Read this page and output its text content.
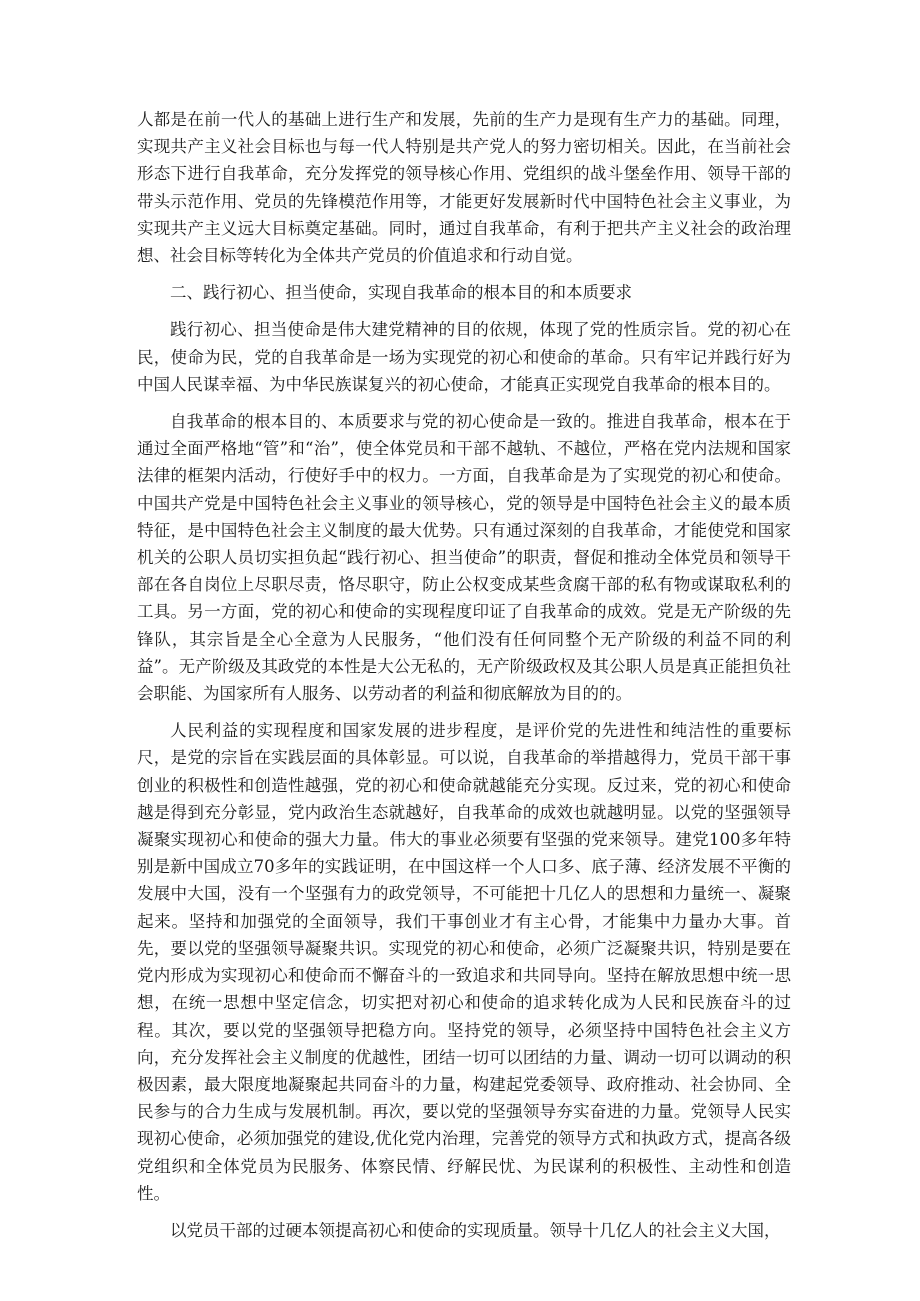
人都是在前一代人的基础上进行生产和发展，先前的生产力是现有生产力的基础。同理，实现共产主义社会目标也与每一代人特别是共产党人的努力密切相关。因此，在当前社会形态下进行自我革命，充分发挥党的领导核心作用、党组织的战斗堡垒作用、领导干部的带头示范作用、党员的先锋模范作用等，才能更好发展新时代中国特色社会主义事业，为实现共产主义远大目标奠定基础。同时，通过自我革命，有利于把共产主义社会的政治理想、社会目标等转化为全体共产党员的价值追求和行动自觉。

二、践行初心、担当使命，实现自我革命的根本目的和本质要求

践行初心、担当使命是伟大建党精神的目的依规，体现了党的性质宗旨。党的初心在民，使命为民，党的自我革命是一场为实现党的初心和使命的革命。只有牢记并践行好为中国人民谋幸福、为中华民族谋复兴的初心使命，才能真正实现党自我革命的根本目的。

自我革命的根本目的、本质要求与党的初心使命是一致的。推进自我革命，根本在于通过全面严格地“管”和“治”，使全体党员和干部不越轨、不越位，严格在党内法规和国家法律的框架内活动，行使好手中的权力。一方面，自我革命是为了实现党的初心和使命。中国共产党是中国特色社会主义事业的领导核心，党的领导是中国特色社会主义的最本质特征，是中国特色社会主义制度的最大优势。只有通过深刻的自我革命，才能使党和国家机关的公职人员切实担负起“践行初心、担当使命”的职责，督促和推动全体党员和领导干部在各自岗位上尽职尽责，恪尽职守，防止公权变成某些贪腐干部的私有物或谋取私利的工具。另一方面，党的初心和使命的实现程度印证了自我革命的成效。党是无产阶级的先锋队，其宗旨是全心全意为人民服务，“他们没有任何同整个无产阶级的利益不同的利益”。无产阶级及其政党的本性是大公无私的，无产阶级政权及其公职人员是真正能担负社会职能、为国家所有人服务、以劳动者的利益和彻底解放为目的的。

人民利益的实现程度和国家发展的进步程度，是评价党的先进性和纯洁性的重要标尺，是党的宗旨在实践层面的具体彰显。可以说，自我革命的举措越得力，党员干部干事创业的积极性和创造性越强，党的初心和使命就越能充分实现。反过来，党的初心和使命越是得到充分彰显，党内政治生态就越好，自我革命的成效也就越明显。以党的坚强领导凝聚实现初心和使命的强大力量。伟大的事业必须要有坚强的党来领导。建党100多年特别是新中国成立70多年的实践证明，在中国这样一个人口多、底子薄、经济发展不平衡的发展中大国，没有一个坚强有力的政党领导，不可能把十几亿人的思想和力量统一、凝聚起来。坚持和加强党的全面领导，我们干事创业才有主心骨，才能集中力量办大事。首先，要以党的坚强领导凝聚共识。实现党的初心和使命，必须广泛凝聚共识，特别是要在党内形成为实现初心和使命而不懈奋斗的一致追求和共同导向。坚持在解放思想中统一思想，在统一思想中坚定信念，切实把对初心和使命的追求转化成为人民和民族奋斗的过程。其次，要以党的坚强领导把稳方向。坚持党的领导，必须坚持中国特色社会主义方向，充分发挥社会主义制度的优越性，团结一切可以团结的力量、调动一切可以调动的积极因素，最大限度地凝聚起共同奋斗的力量，构建起党委领导、政府推动、社会协同、全民参与的合力生成与发展机制。再次，要以党的坚强领导夯实奋进的力量。党领导人民实现初心使命，必须加强党的建设,优化党内治理，完善党的领导方式和执政方式，提高各级党组织和全体党员为民服务、体察民情、纾解民忧、为民谋利的积极性、主动性和创造性。

以党员干部的过硬本领提高初心和使命的实现质量。领导十几亿人的社会主义大国，
